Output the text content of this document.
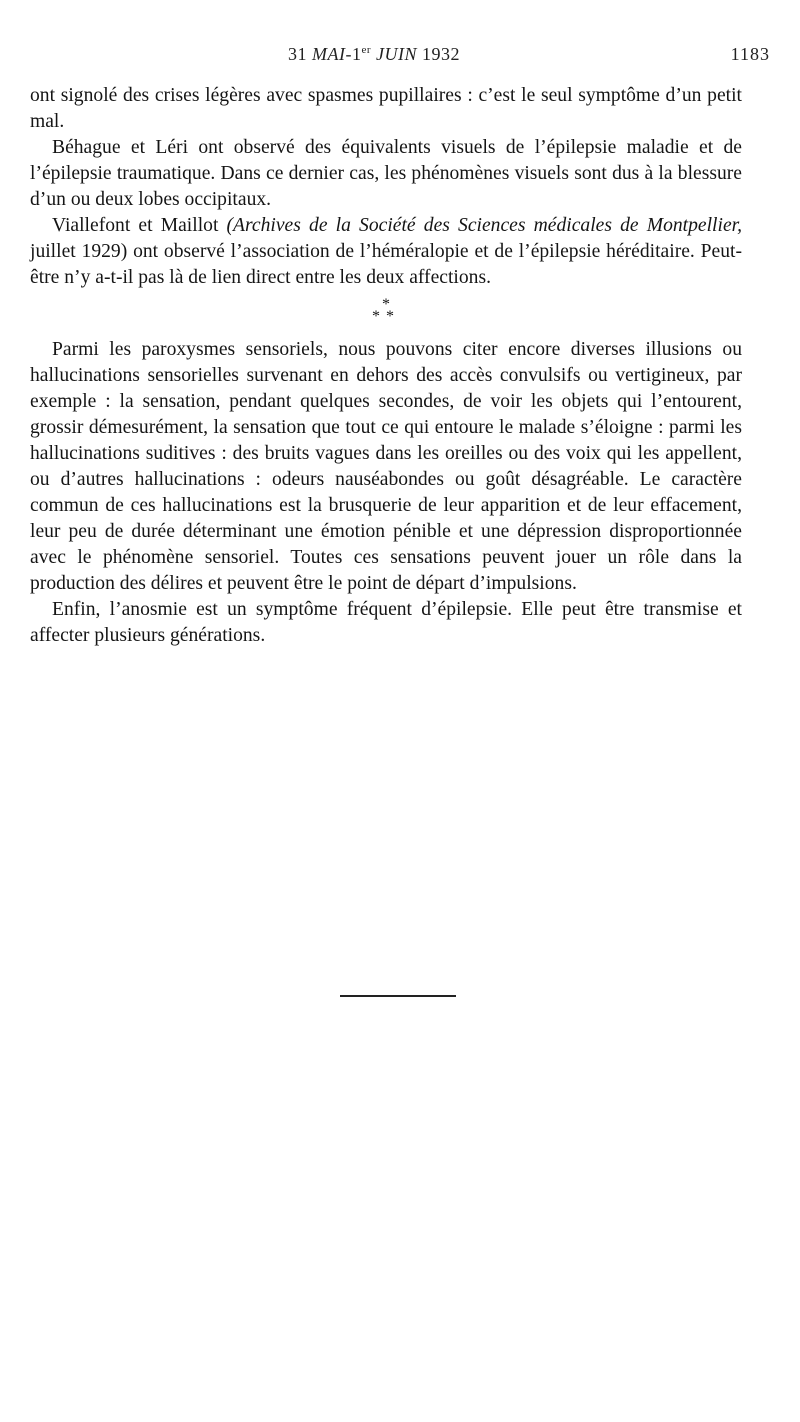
31 MAI-1er JUIN 1932	1183

ont signolé des crises légères avec spasmes pupillaires : c’est le seul symptôme d’un petit mal.

Béhague et Léri ont observé des équivalents visuels de l’épilepsie maladie et de l’épilepsie traumatique. Dans ce dernier cas, les phénomènes visuels sont dus à la blessure d’un ou deux lobes occipitaux.

Viallefont et Maillot (Archives de la Société des Sciences médicales de Montpellier, juillet 1929) ont observé l’association de l’héméralopie et de l’épilepsie héréditaire. Peut-être n’y a-t-il pas là de lien direct entre les deux affections.

*
**

Parmi les paroxysmes sensoriels, nous pouvons citer encore diverses illusions ou hallucinations sensorielles survenant en dehors des accès convulsifs ou vertigineux, par exemple : la sensation, pendant quelques secondes, de voir les objets qui l’entourent, grossir démesurément, la sensation que tout ce qui entoure le malade s’éloigne : parmi les hallucinations suditives : des bruits vagues dans les oreilles ou des voix qui les appellent, ou d’autres hallucinations : odeurs nauséabondes ou goût désagréable. Le caractère commun de ces hallucinations est la brusquerie de leur apparition et de leur effacement, leur peu de durée déterminant une émotion pénible et une dépression disproportionnée avec le phénomène sensoriel. Toutes ces sensations peuvent jouer un rôle dans la production des délires et peuvent être le point de départ d’impulsions.

Enfin, l’anosmie est un symptôme fréquent d’épilepsie. Elle peut être transmise et affecter plusieurs générations.
